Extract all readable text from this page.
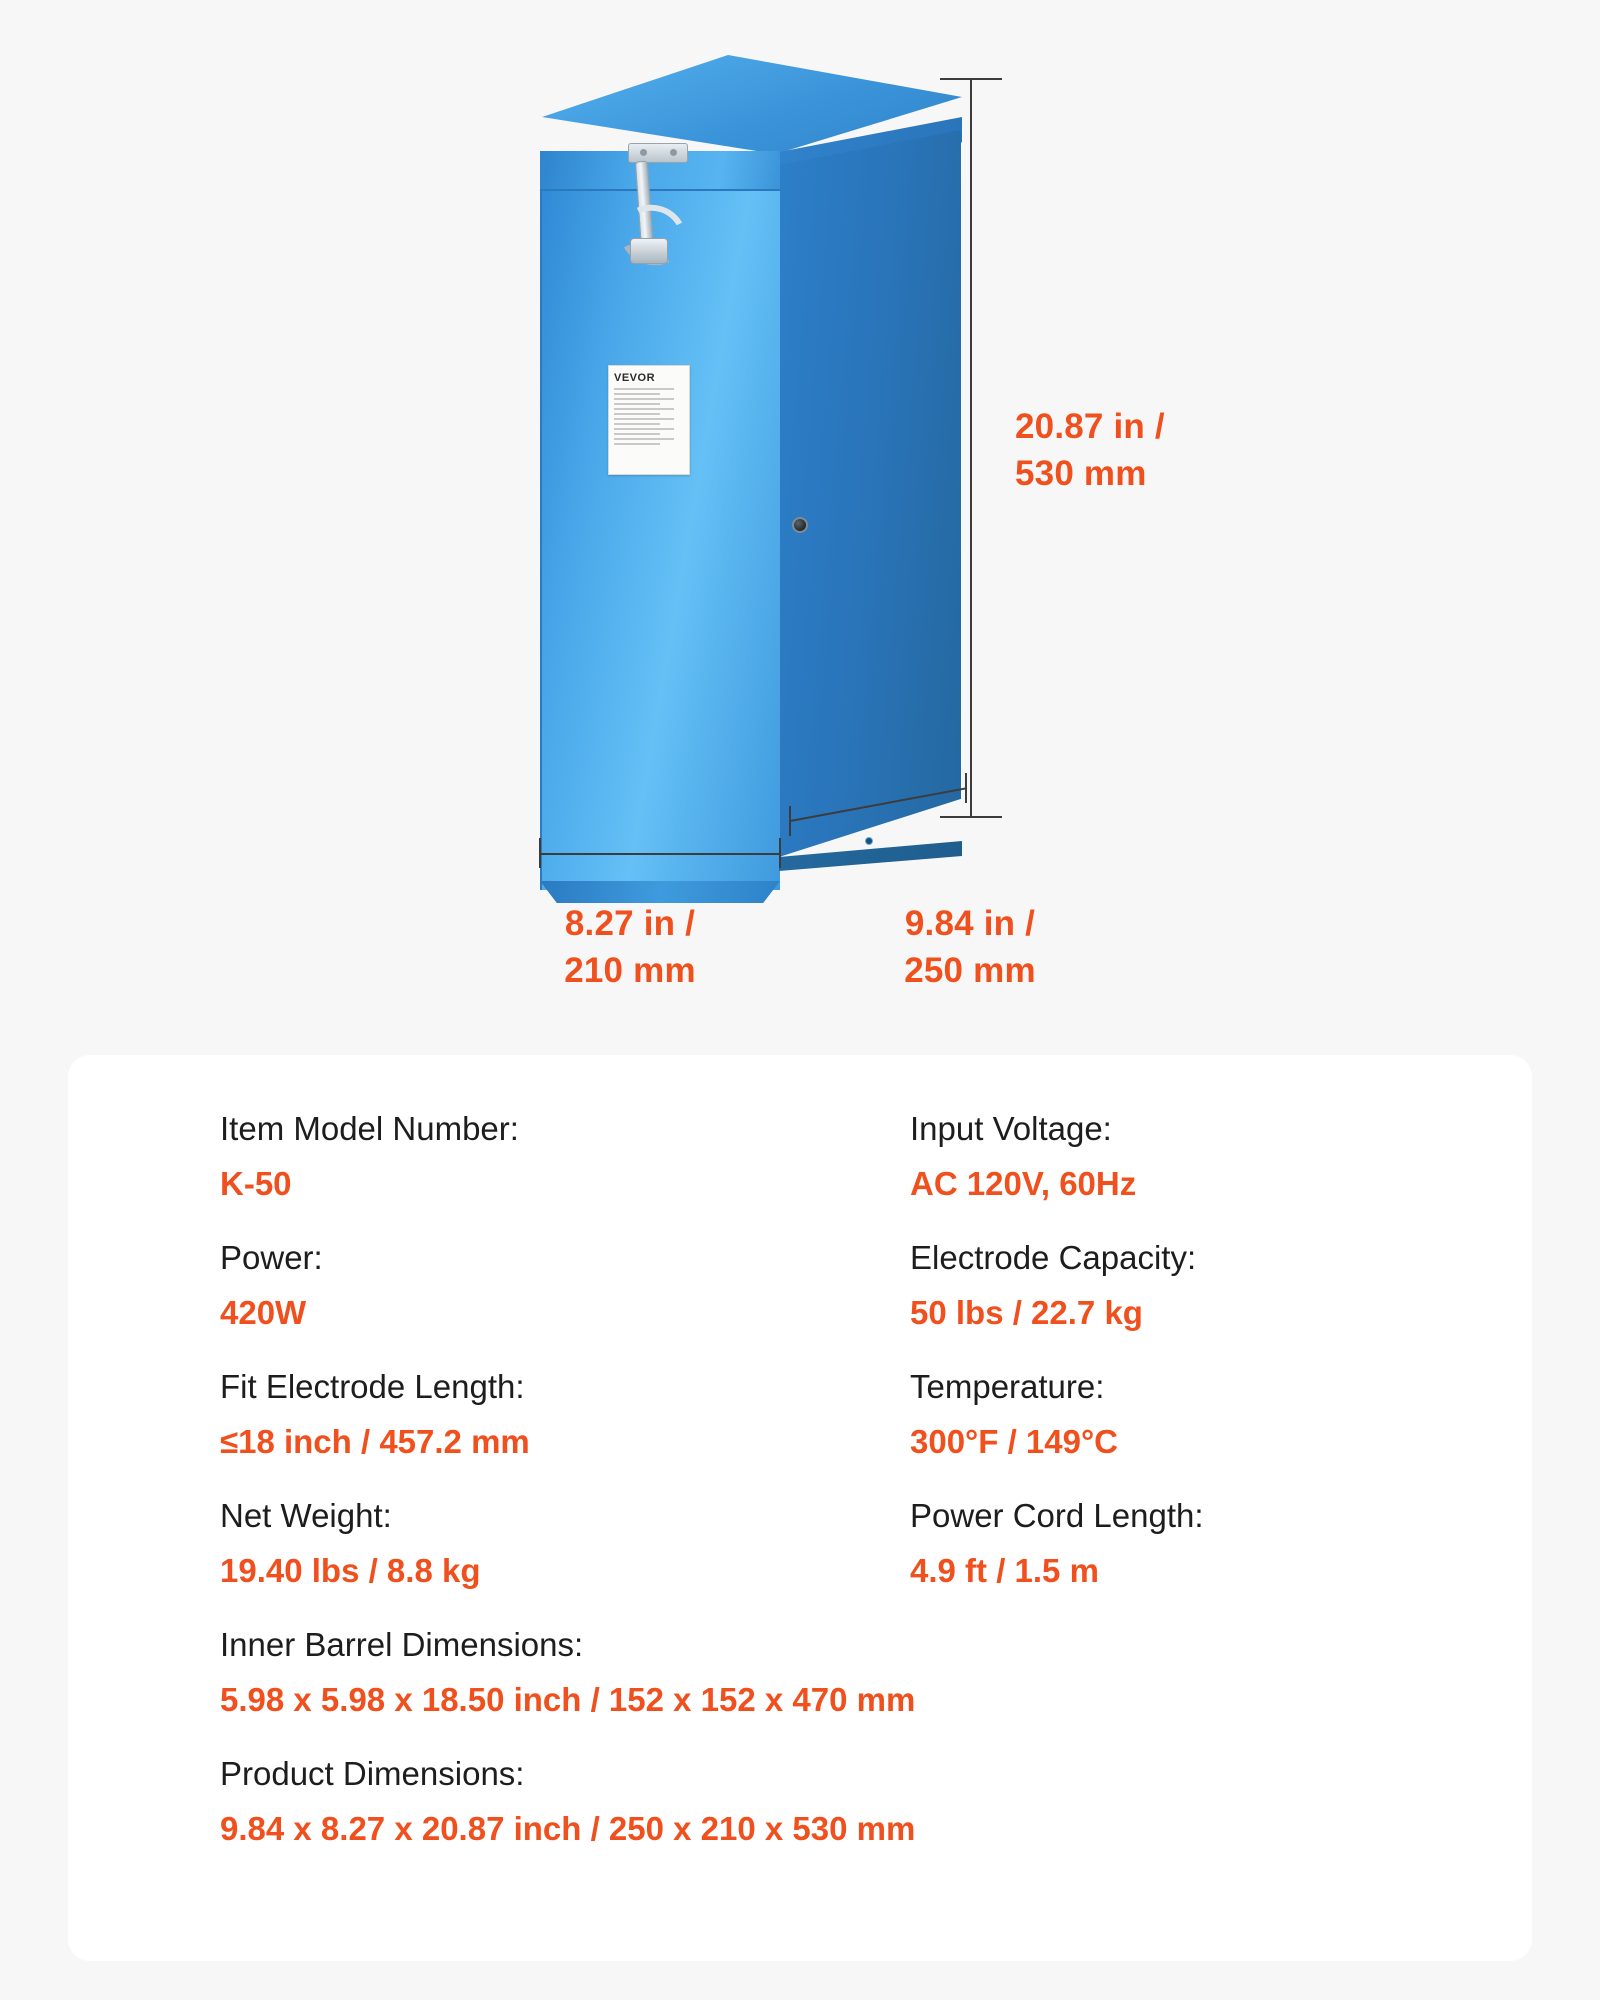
VEVOR
20.87 in /
530 mm
8.27 in /
210 mm
9.84 in /
250 mm
Item Model Number:
K-50
Input Voltage:
AC 120V, 60Hz
Power:
420W
Electrode Capacity:
50 lbs / 22.7 kg
Fit Electrode Length:
≤18 inch / 457.2 mm
Temperature:
300°F / 149°C
Net Weight:
19.40 lbs / 8.8 kg
Power Cord Length:
4.9 ft / 1.5 m
Inner Barrel Dimensions:
5.98 x 5.98 x 18.50 inch / 152 x 152 x 470 mm
Product Dimensions:
9.84 x 8.27 x 20.87 inch / 250 x 210 x 530 mm
